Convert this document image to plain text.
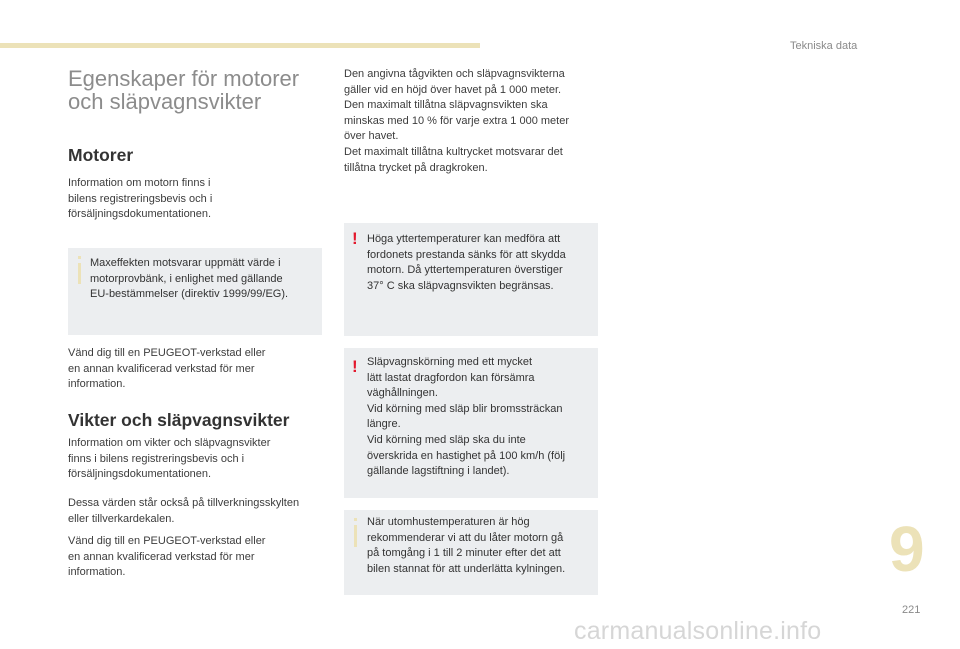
Tekniska data
Egenskaper för motorer
och släpvagnsvikter
Motorer

Information om motorn finns i
bilens registreringsbevis och i
försäljningsdokumentationen.

Maxeffekten motsvarar uppmätt värde i
motorprovbänk, i enlighet med gällande
EU-bestämmelser (direktiv 1999/99/EG).

Vänd dig till en PEUGEOT-verkstad eller
en annan kvalificerad verkstad för mer
information.

Vikter och släpvagnsvikter

Information om vikter och släpvagnsvikter
finns i bilens registreringsbevis och i
försäljningsdokumentationen.

Dessa värden står också på tillverkningsskylten
eller tillverkardekalen.

Vänd dig till en PEUGEOT-verkstad eller
en annan kvalificerad verkstad för mer
information.

Den angivna tågvikten och släpvagnsvikterna
gäller vid en höjd över havet på 1 000 meter.
Den maximalt tillåtna släpvagnsvikten ska
minskas med 10 % för varje extra 1 000 meter
över havet.
Det maximalt tillåtna kultrycket motsvarar det
tillåtna trycket på dragkroken.

! Höga yttertemperaturer kan medföra att
fordonets prestanda sänks för att skydda
motorn. Då yttertemperaturen överstiger
37° C ska släpvagnsvikten begränsas.

! Släpvagnskörning med ett mycket
lätt lastat dragfordon kan försämra
väghållningen.
Vid körning med släp blir bromssträckan
längre.
Vid körning med släp ska du inte
överskrida en hastighet på 100 km/h (följ
gällande lagstiftning i landet).

När utomhustemperaturen är hög
rekommenderar vi att du låter motorn gå
på tomgång i 1 till 2 minuter efter det att
bilen stannat för att underlätta kylningen.	9
221
carmanualsonline.info
